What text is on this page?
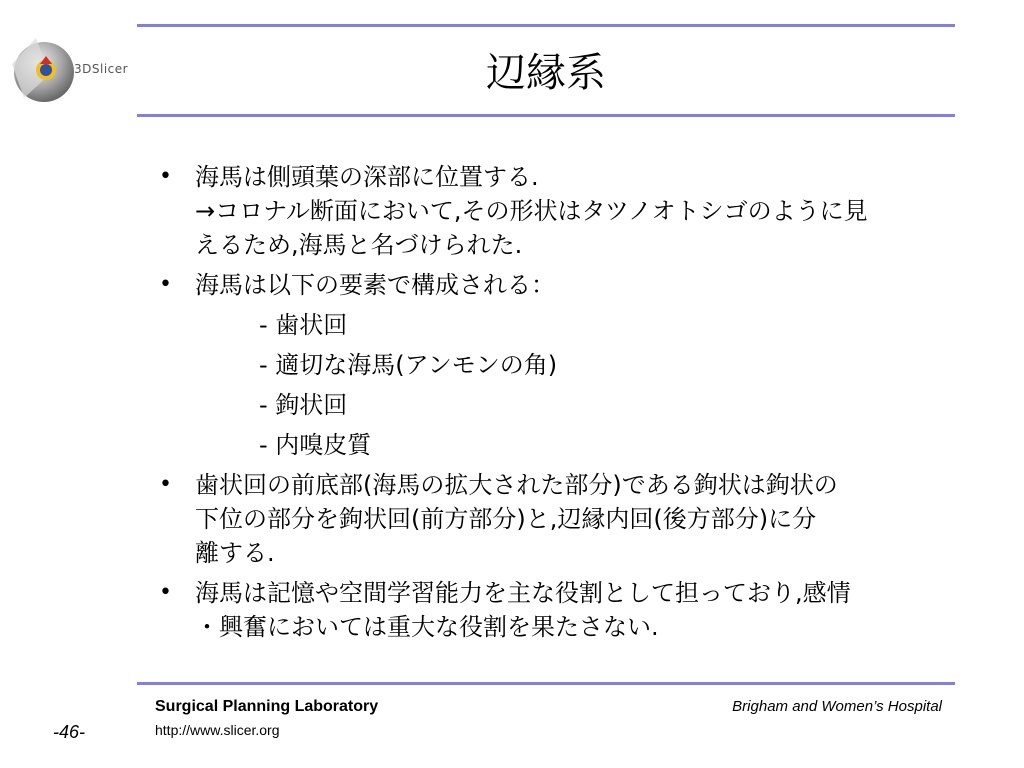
3DSlicer	辺縁系
• 海馬は側頭葉の深部に位置する.
→コロナル断面において,その形状はタツノオトシゴのように見
えるため,海馬と名づけられた.
• 海馬は以下の要素で構成される：
- 歯状回
- 適切な海馬(アンモンの角)
- 鉤状回
- 内嗅皮質
• 歯状回の前底部(海馬の拡大された部分)である鉤状は鉤状の
下位の部分を鉤状回(前方部分)と,辺縁内回(後方部分)に分
離する.
• 海馬は記憶や空間学習能力を主な役割として担っており,感情
・興奮においては重大な役割を果たさない.
Surgical Planning Laboratory
http://www.slicer.org
Brigham and Women’s Hospital
-46-
